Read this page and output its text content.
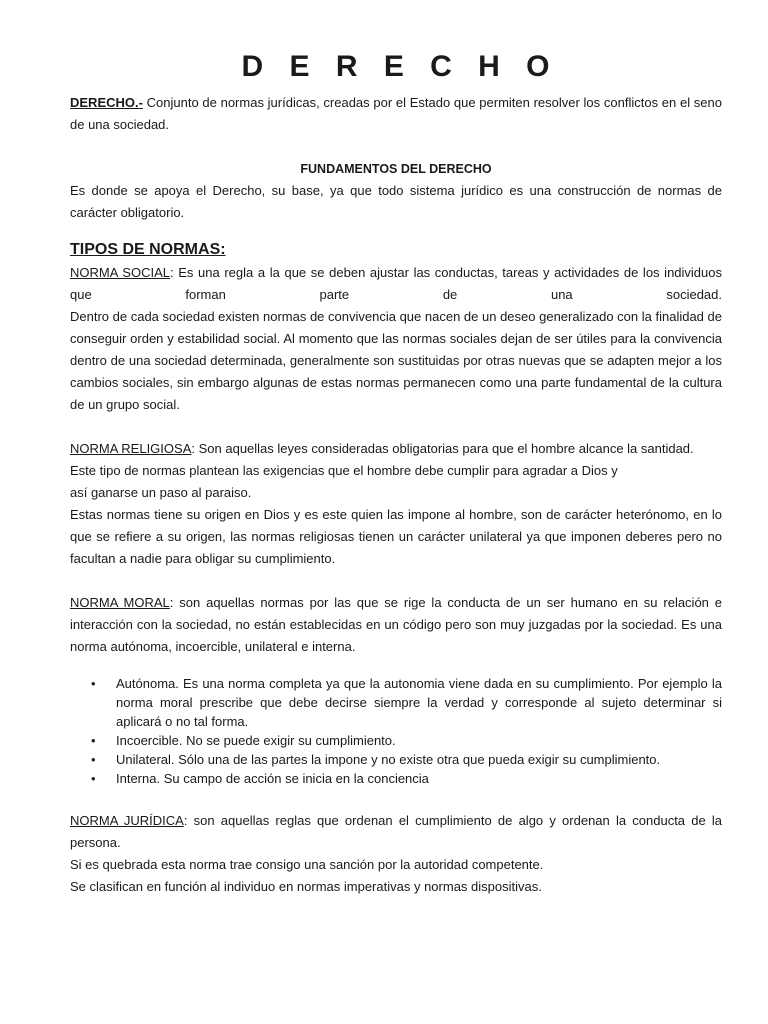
D E R E C H O

DERECHO.- Conjunto de normas jurídicas, creadas por el Estado que permiten resolver los conflictos en el seno de una sociedad.

FUNDAMENTOS DEL DERECHO

Es donde se apoya el Derecho, su base, ya que todo sistema jurídico es una construcción de normas de carácter obligatorio.

TIPOS DE NORMAS:

NORMA SOCIAL: Es una regla a la que se deben ajustar las conductas, tareas y actividades de los individuos que forman parte de una sociedad.

Dentro de cada sociedad existen normas de convivencia que nacen de un deseo generalizado con la finalidad de conseguir orden y estabilidad social. Al momento que las normas sociales dejan de ser útiles para la convivencia dentro de una sociedad determinada, generalmente son sustituidas por otras nuevas que se adapten mejor a los cambios sociales, sin embargo algunas de estas normas permanecen como una parte fundamental de la cultura de un grupo social.

NORMA RELIGIOSA: Son aquellas leyes consideradas obligatorias para que el hombre alcance la santidad.

Este tipo de normas plantean las exigencias que el hombre debe cumplir para agradar a Dios y

así ganarse un paso al paraiso.

Estas normas tiene su origen en Dios y es este quien las impone al hombre, son de carácter heterónomo, en lo que se refiere a su origen, las normas religiosas tienen un carácter unilateral ya que imponen deberes pero no facultan a nadie para obligar su cumplimiento.

NORMA MORAL: son aquellas normas por las que se rige la conducta de un ser humano en su relación e interacción con la sociedad, no están establecidas en un código pero son muy juzgadas por la sociedad. Es una norma autónoma, incoercible, unilateral e interna.

• Autónoma. Es una norma completa ya que la autonomia viene dada en su cumplimiento. Por ejemplo la norma moral prescribe que debe decirse siempre la verdad y corresponde al sujeto determinar si aplicará o no tal forma.
• Incoercible. No se puede exigir su cumplimiento.
• Unilateral. Sólo una de las partes la impone y no existe otra que pueda exigir su cumplimiento.
• Interna. Su campo de acción se inicia en la conciencia

NORMA JURÍDICA: son aquellas reglas que ordenan el cumplimiento de algo y ordenan la conducta de la persona.

Si es quebrada esta norma trae consigo una sanción por la autoridad competente.

Se clasifican en función al individuo en normas imperativas y normas dispositivas.
